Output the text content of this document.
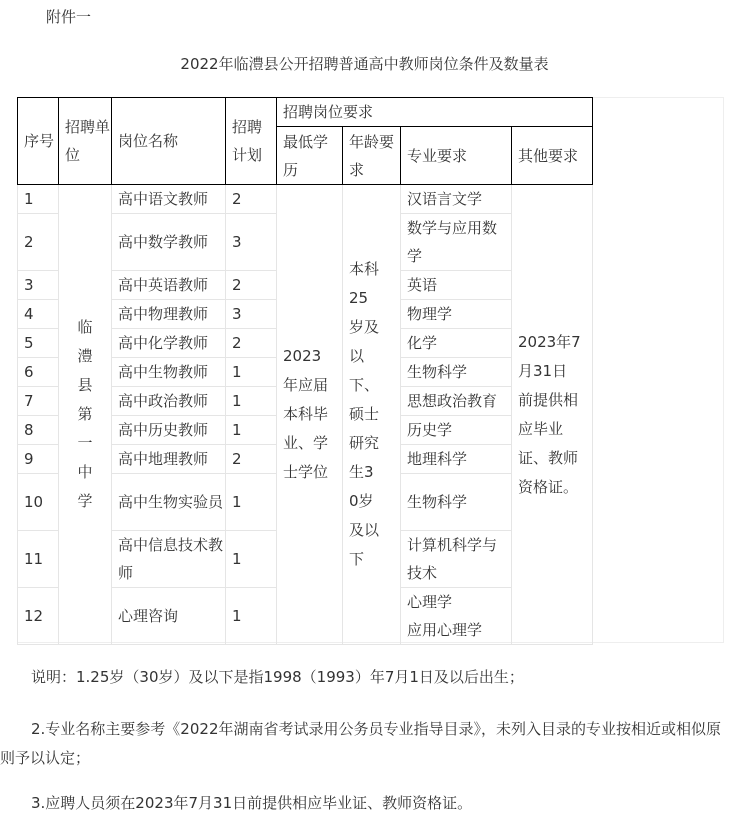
附件一
2022年临澧县公开招聘普通高中教师岗位条件及数量表
序号	招聘单位	岗位名称	招聘计划	招聘岗位要求			
				最低学历	年龄要求	专业要求	其他要求
1	临澧县第一中学	高中语文教师	2	2023年应届本科毕业、学士学位	本科25岁及以下、硕士研究生30岁及以下	汉语言文学	2023年7月31日前提供相应毕业证、教师资格证。

2		高中数学教师	3			数学与应用数学	
3		高中英语教师	2			英语	
4		高中物理教师	3			物理学	
5		高中化学教师	2			化学	
6		高中生物教师	1			生物科学	
7		高中政治教师	1			思想政治教育	
8		高中历史教师	1			历史学	
9		高中地理教师	2			地理科学	
10		高中生物实验员	1			生物科学	
11		高中信息技术教师	1			计算机科学与技术	
12		心理咨询	1			心理学
应用心理学	

说明：1.25岁（30岁）及以下是指1998（1993）年7月1日及以后出生；

2.专业名称主要参考《2022年湖南省考试录用公务员专业指导目录》，未列入目录的专业按相近或相似原则予以认定；

3.应聘人员须在2023年7月31日前提供相应毕业证、教师资格证。
